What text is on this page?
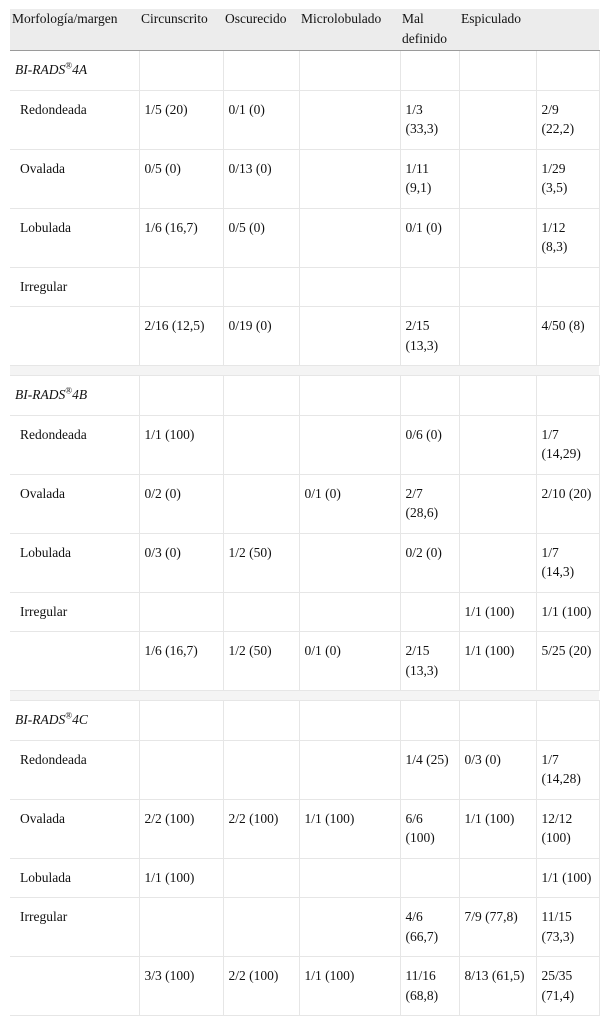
Morfología/margen	Circunscrito	Oscurecido	Microlobulado	Mal definido	Espiculado	
BI-RADS®4A						
Redondeada	1/5 (20)	0/1 (0)		1/3 (33,3)		2/9 (22,2)
Ovalada	0/5 (0)	0/13 (0)		1/11 (9,1)		1/29 (3,5)
Lobulada	1/6 (16,7)	0/5 (0)		0/1 (0)		1/12 (8,3)
Irregular						
	2/16 (12,5)	0/19 (0)		2/15 (13,3)		4/50 (8)

BI-RADS®4B						
Redondeada	1/1 (100)			0/6 (0)		1/7 (14,29)
Ovalada	0/2 (0)		0/1 (0)	2/7 (28,6)		2/10 (20)
Lobulada	0/3 (0)	1/2 (50)		0/2 (0)		1/7 (14,3)
Irregular					1/1 (100)	1/1 (100)
	1/6 (16,7)	1/2 (50)	0/1 (0)	2/15 (13,3)	1/1 (100)	5/25 (20)

BI-RADS®4C						
Redondeada				1/4 (25)	0/3 (0)	1/7 (14,28)
Ovalada	2/2 (100)	2/2 (100)	1/1 (100)	6/6 (100)	1/1 (100)	12/12 (100)
Lobulada	1/1 (100)					1/1 (100)
Irregular				4/6 (66,7)	7/9 (77,8)	11/15 (73,3)
	3/3 (100)	2/2 (100)	1/1 (100)	11/16 (68,8)	8/13 (61,5)	25/35 (71,4)
